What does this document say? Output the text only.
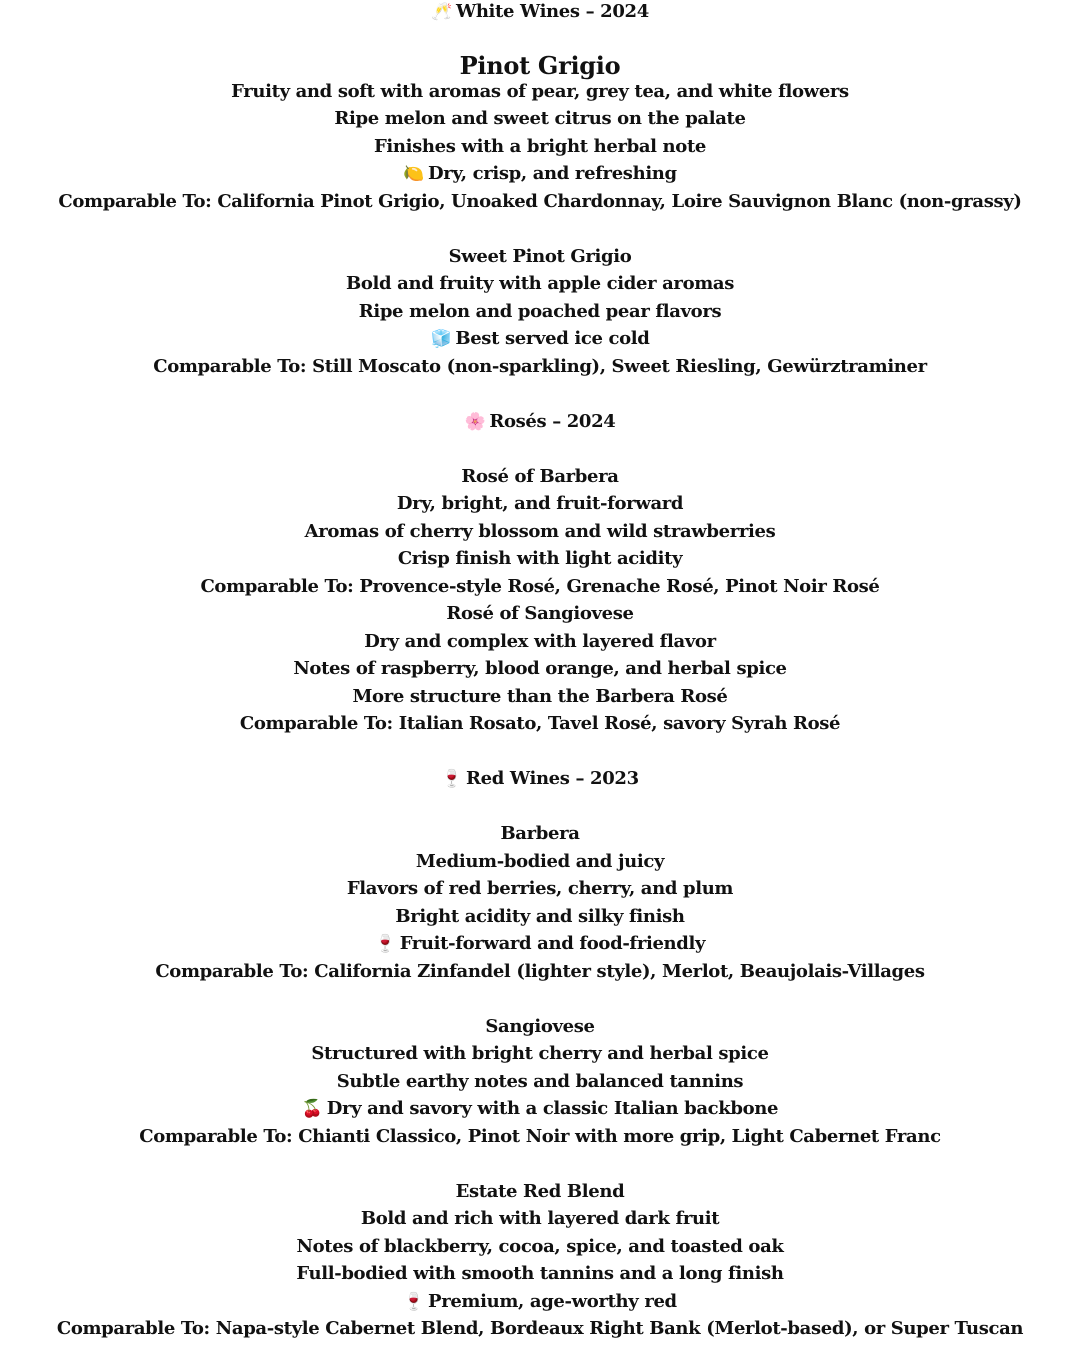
🥂 White Wines – 2024
Pinot Grigio
Fruity and soft with aromas of pear, grey tea, and white flowers
Ripe melon and sweet citrus on the palate
Finishes with a bright herbal note
🍋 Dry, crisp, and refreshing
Comparable To: California Pinot Grigio, Unoaked Chardonnay, Loire Sauvignon Blanc (non-grassy)
Sweet Pinot Grigio
Bold and fruity with apple cider aromas
Ripe melon and poached pear flavors
🧊 Best served ice cold
Comparable To: Still Moscato (non-sparkling), Sweet Riesling, Gewürztraminer
🌸 Rosés – 2024
Rosé of Barbera
Dry, bright, and fruit-forward
Aromas of cherry blossom and wild strawberries
Crisp finish with light acidity
Comparable To: Provence-style Rosé, Grenache Rosé, Pinot Noir Rosé
Rosé of Sangiovese
Dry and complex with layered flavor
Notes of raspberry, blood orange, and herbal spice
More structure than the Barbera Rosé
Comparable To: Italian Rosato, Tavel Rosé, savory Syrah Rosé
🍷 Red Wines – 2023
Barbera
Medium-bodied and juicy
Flavors of red berries, cherry, and plum
Bright acidity and silky finish
🍷 Fruit-forward and food-friendly
Comparable To: California Zinfandel (lighter style), Merlot, Beaujolais-Villages
Sangiovese
Structured with bright cherry and herbal spice
Subtle earthy notes and balanced tannins
🍒 Dry and savory with a classic Italian backbone
Comparable To: Chianti Classico, Pinot Noir with more grip, Light Cabernet Franc
Estate Red Blend
Bold and rich with layered dark fruit
Notes of blackberry, cocoa, spice, and toasted oak
Full-bodied with smooth tannins and a long finish
🍷 Premium, age-worthy red
Comparable To: Napa-style Cabernet Blend, Bordeaux Right Bank (Merlot-based), or Super Tuscan
